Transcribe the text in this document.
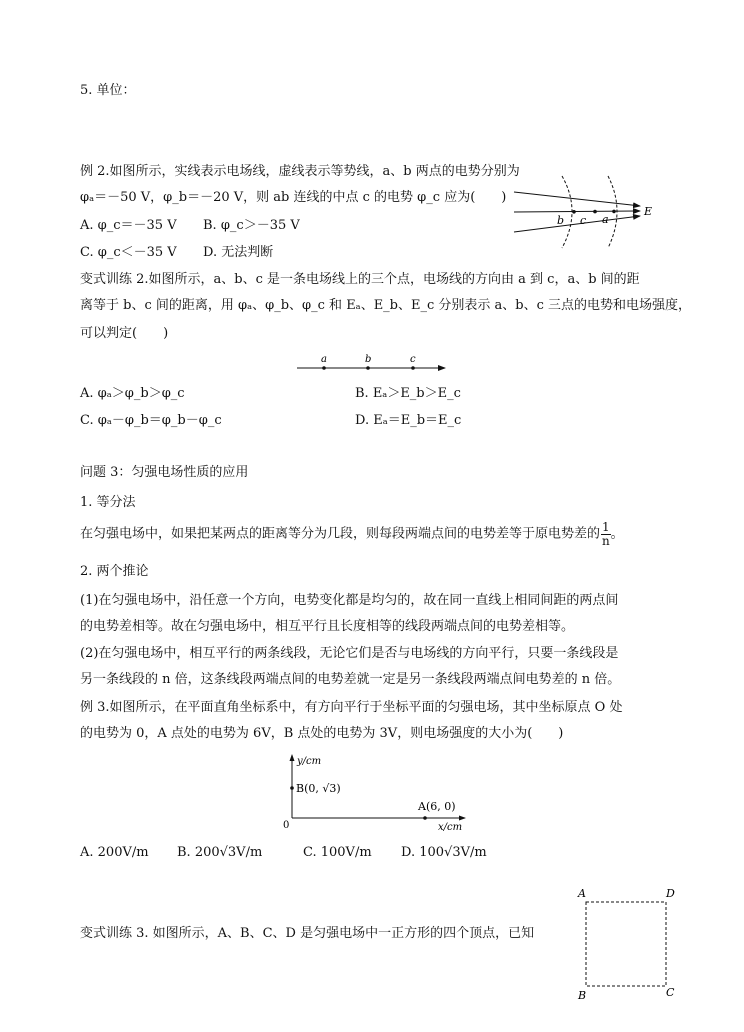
5. 单位：
例 2.如图所示，实线表示电场线，虚线表示等势线，a、b 两点的电势分别为
φₐ＝－50 V，φ_b＝－20 V，则 ab 连线的中点 c 的电势 φ_c 应为(　　)
A. φ_c＝－35 V B. φ_c＞－35 V
C. φ_c＜－35 V D. 无法判断
b c a
E
变式训练 2.如图所示，a、b、c 是一条电场线上的三个点，电场线的方向由 a 到 c，a、b 间的距
离等于 b、c 间的距离，用 φₐ、φ_b、φ_c 和 Eₐ、E_b、E_c 分别表示 a、b、c 三点的电势和电场强度，
可以判定(　　)
a	b	c
A. φₐ＞φ_b＞φ_c	B. Eₐ＞E_b＞E_c
C. φₐ－φ_b＝φ_b－φ_c	D. Eₐ＝E_b＝E_c
问题 3：匀强电场性质的应用
1. 等分法
在匀强电场中，如果把某两点的距离等分为几段，则每段两端点间的电势差等于原电势差的 $\frac{1}{n}$ 。
2. 两个推论
(1)在匀强电场中，沿任意一个方向，电势变化都是均匀的，故在同一直线上相同间距的两点间
的电势差相等。故在匀强电场中，相互平行且长度相等的线段两端点间的电势差相等。
(2)在匀强电场中，相互平行的两条线段，无论它们是否与电场线的方向平行，只要一条线段是
另一条线段的 n 倍，这条线段两端点间的电势差就一定是另一条线段两端点间电势差的 n 倍。
例 3.如图所示，在平面直角坐标系中，有方向平行于坐标平面的匀强电场，其中坐标原点 O 处
的电势为 0，A 点处的电势为 6V，B 点处的电势为 3V，则电场强度的大小为(　　)
y/cm
x/cm
0
B(0, √3)
A(6, 0)
A. 200V/m B. 200√3V/m	C. 100V/m D. 100√3V/m
变式训练 3. 如图所示，A、B、C、D 是匀强电场中一正方形的四个顶点，已知
A	D
B	C
